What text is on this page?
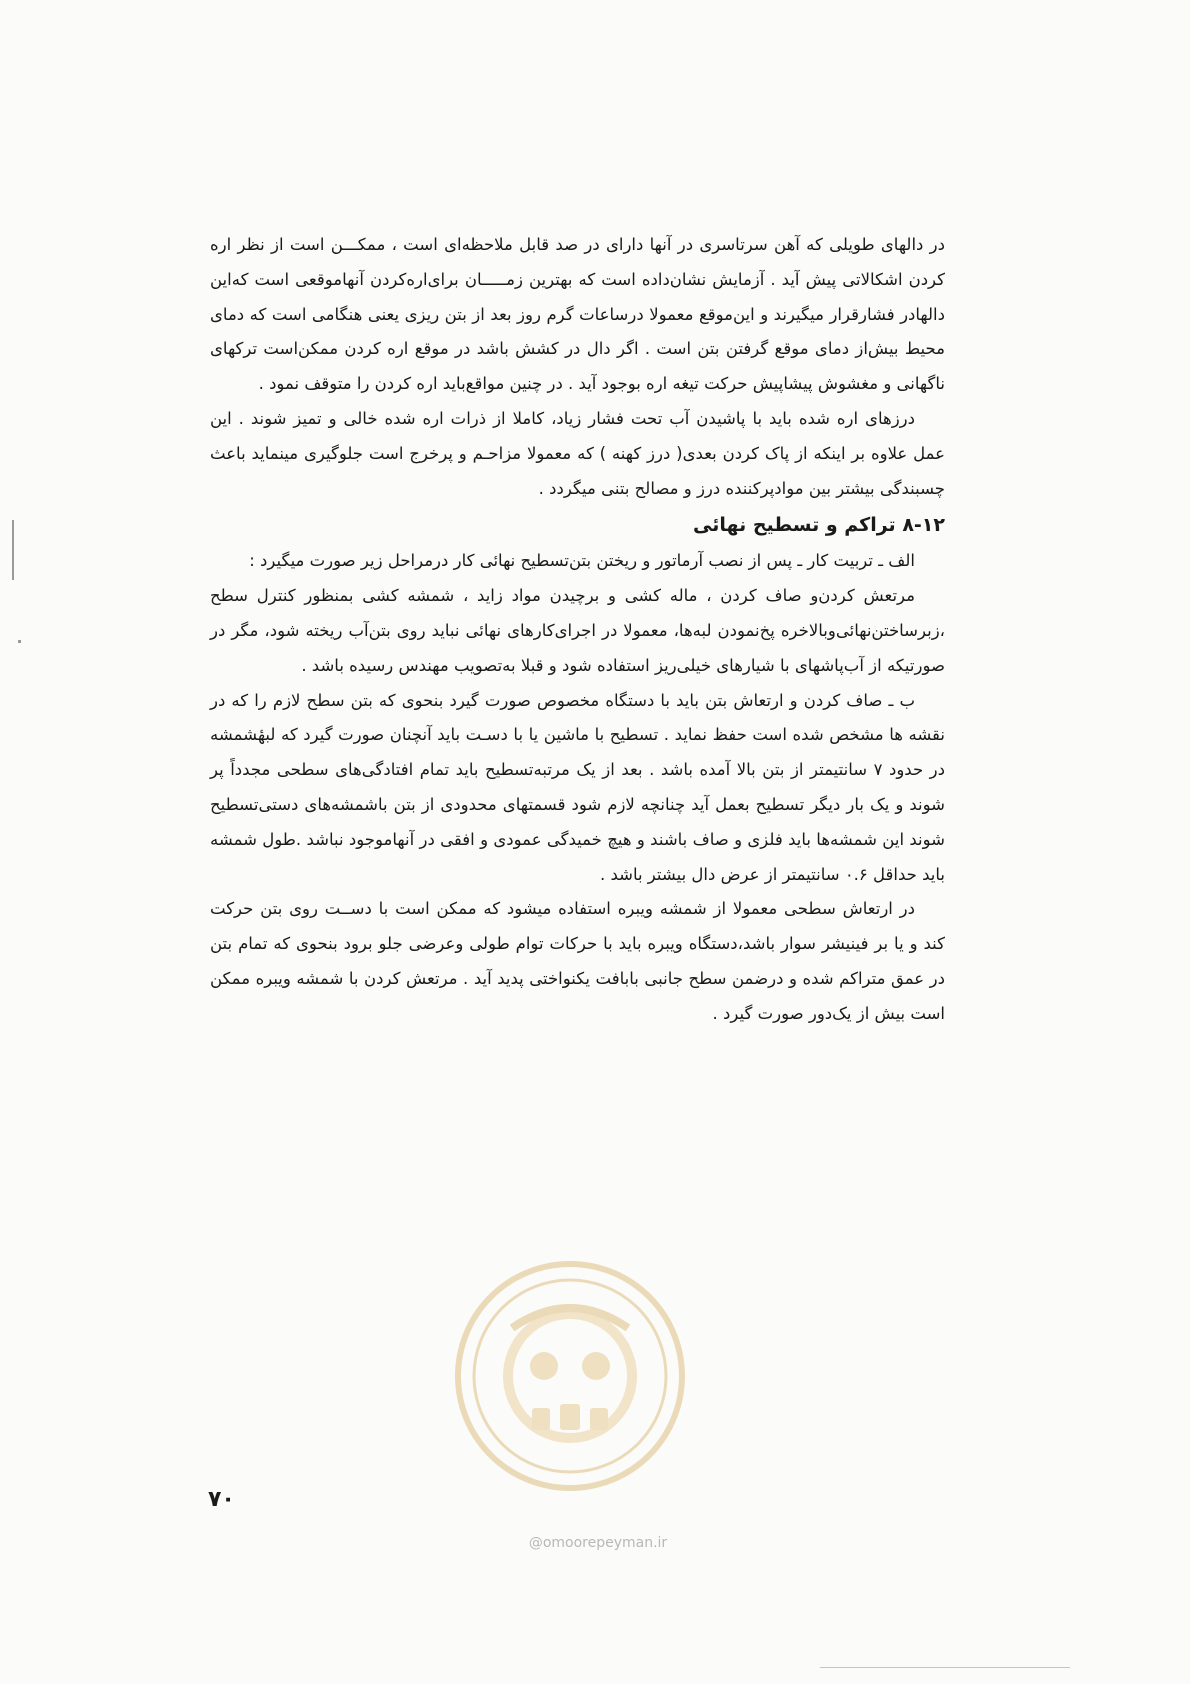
در دالهای طویلی که آهن سرتاسری در آنها دارای در صد قابل ملاحظه‌ای است ، ممکـــن است از نظر اره کردن اشکالاتی پیش آید . آزمایش نشان‌داده است که بهترین زمـــــان برای‌اره‌کردن آنهاموقعی است که‌این دالهادر فشارقرار میگیرند و این‌موقع معمولا درساعات گرم روز بعد از بتن ریزی یعنی هنگامی است که دمای محیط بیش‌از دمای موقع گرفتن بتن است . اگر دال در کشش باشد در موقع اره کردن ممکن‌است ترکهای ناگهانی و مغشوش پیشاپیش حرکت تیغه اره بوجود آید . در چنین مواقع‌باید اره کردن را متوقف نمود .

درزهای اره شده باید با پاشیدن آب تحت فشار زیاد، کاملا از ذرات اره شده خالی و تمیز شوند . این عمل علاوه بر اینکه از پاک کردن بعدی( درز کهنه ) که معمولا مزاحـم و پرخرج است جلوگیری مینماید باعث چسبندگی بیشتر بین موادپرکننده درز و مصالح بتنی میگردد .

۸-۱۲ تراکم و تسطیح نهائی

الف ـ تربیت کار ـ پس از نصب آرماتور و ریختن بتن‌تسطیح نهائی کار درمراحل زیر صورت میگیرد :

مرتعش کردن‌و صاف کردن ، ماله کشی و برچیدن مواد زاید ، شمشه کشی بمنظور کنترل سطح ،زبرساختن‌نهائی‌وبالاخره پخ‌نمودن لبه‌ها، معمولا در اجرای‌کارهای نهائی نباید روی بتن‌آب ریخته شود، مگر در صورتیکه از آب‌پاشهای با شیارهای خیلی‌ریز استفاده شود و قبلا به‌تصویب مهندس رسیده باشد .

ب ـ صاف کردن و ارتعاش بتن باید با دستگاه مخصوص صورت گیرد بنحوی که بتن سطح لازم را که در نقشه ها مشخص شده است حفظ نماید . تسطیح با ماشین یا با دسـت باید آنچنان صورت گیرد که لبهٔشمشه در حدود ۷ سانتیمتر از بتن بالا آمده باشد . بعد از یک مرتبه‌تسطیح باید تمام افتادگی‌های سطحی مجدداً پر شوند و یک بار دیگر تسطیح بعمل آید چنانچه لازم شود قسمتهای محدودی از بتن باشمشه‌های دستی‌تسطیح شوند این شمشه‌ها باید فلزی و صاف باشند و هیچ خمیدگی عمودی و افقی در آنهاموجود نباشد .طول شمشه باید حداقل ۰.۶ سانتیمتر از عرض دال بیشتر باشد .

در ارتعاش سطحی معمولا از شمشه ویبره استفاده میشود که ممکن است با دســت روی بتن حرکت کند و یا بر فینیشر سوار باشد،دستگاه ویبره باید با حرکات توام طولی وعرضی جلو برود بنحوی که تمام بتن در عمق متراکم شده و درضمن سطح جانبی بابافت یکنواختی پدید آید . مرتعش کردن با شمشه ویبره ممکن است بیش از یک‌دور صورت گیرد .

۷۰
@omoorepeyman.ir
